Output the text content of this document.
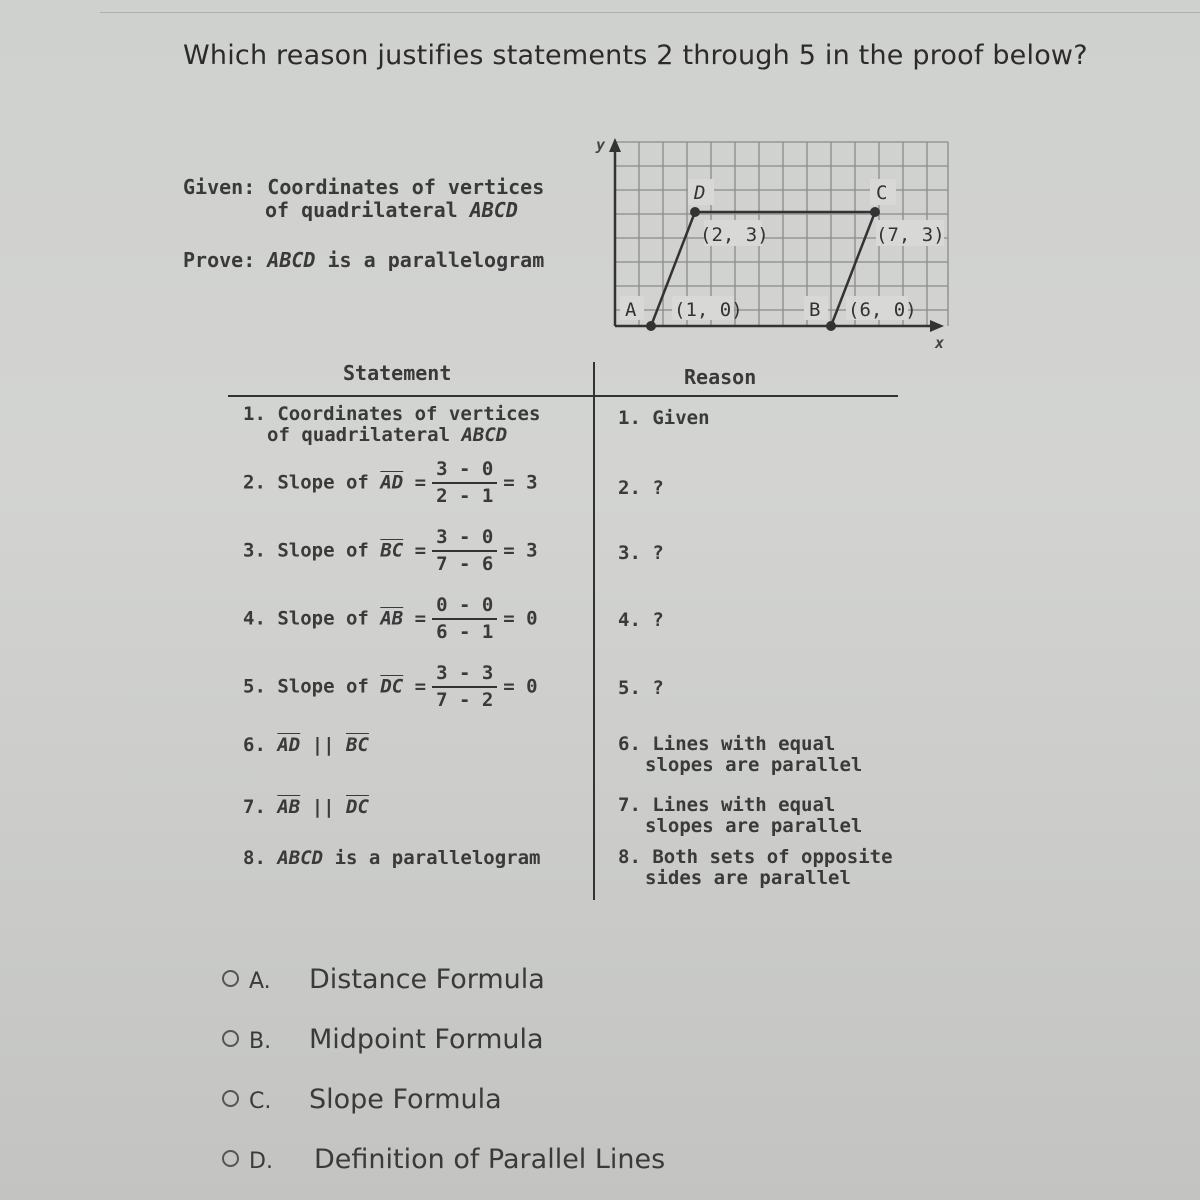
Which reason justifies statements 2 through 5 in the proof below?
Given: Coordinates of vertices
of quadrilateral ABCD
Prove: ABCD is a parallelogram
y
x
A (1, 0)	B (6, 0)
C
(7, 3)
D
(2, 3)
Statement	Reason
1. Coordinates of vertices
of quadrilateral ABCD
1. Given
2. Slope of $\overline{AD} = \frac{3 - 0}{2 - 1} = 3$	2. ?
3. Slope of $\overline{BC} = \frac{3 - 0}{7 - 6} = 3$	3. ?
4. Slope of $\overline{AB} = \frac{0 - 0}{6 - 1} = 0$	4. ?
5. Slope of $\overline{DC} = \frac{3 - 3}{7 - 2} = 0$	5. ?
6. $\overline{AD}$ || $\overline{BC}$	6. Lines with equal
slopes are parallel
7. $\overline{AB}$ || $\overline{DC}$	7. Lines with equal
slopes are parallel
8. ABCD is a parallelogram	8. Both sets of opposite
sides are parallel
A. Distance Formula
B. Midpoint Formula
C. Slope Formula
D. Definition of Parallel Lines
